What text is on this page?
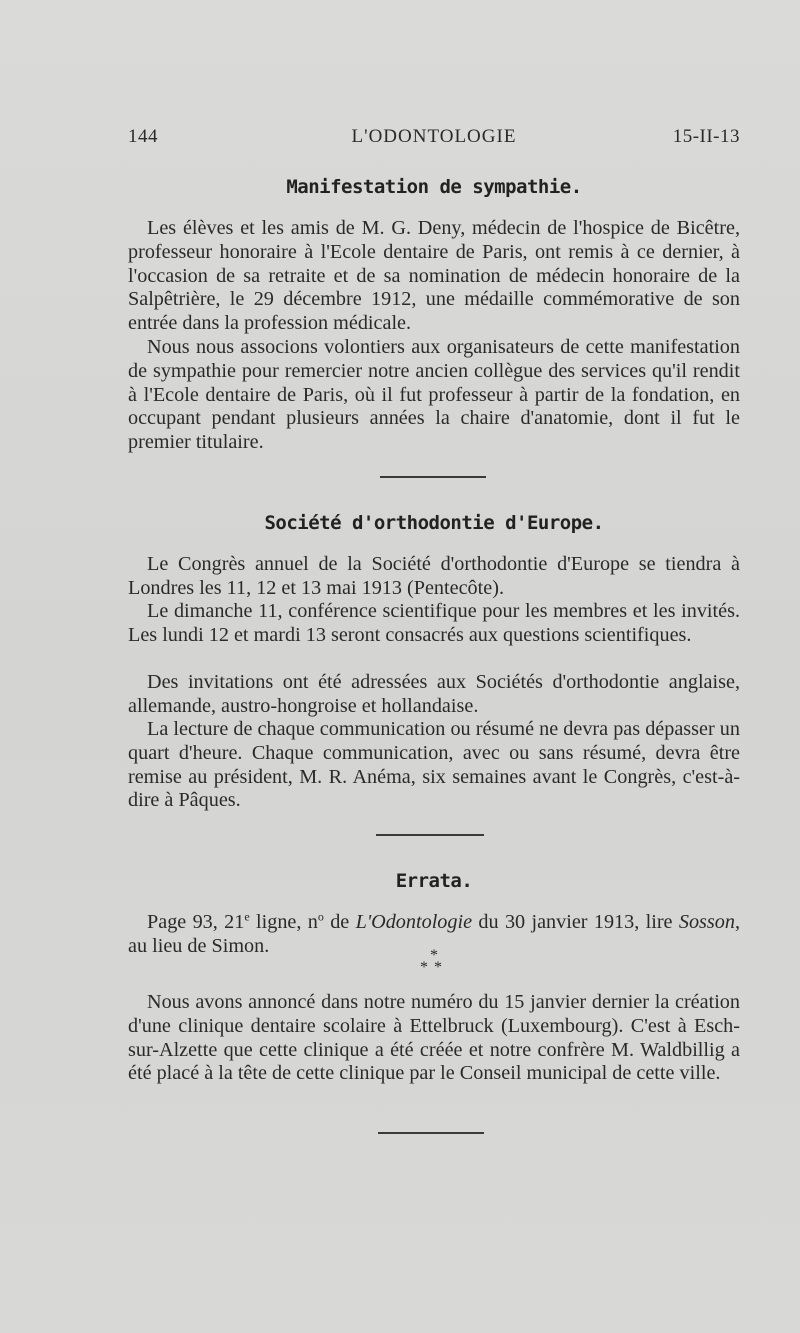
144	L'ODONTOLOGIE	15-II-13
Manifestation de sympathie.

Les élèves et les amis de M. G. Deny, médecin de l'hospice de Bicêtre, professeur honoraire à l'Ecole dentaire de Paris, ont remis à ce dernier, à l'occasion de sa retraite et de sa nomination de médecin honoraire de la Salpêtrière, le 29 décembre 1912, une médaille commémorative de son entrée dans la profession médicale.

Nous nous associons volontiers aux organisateurs de cette manifestation de sympathie pour remercier notre ancien collègue des services qu'il rendit à l'Ecole dentaire de Paris, où il fut professeur à partir de la fondation, en occupant pendant plusieurs années la chaire d'anatomie, dont il fut le premier titulaire.

Société d'orthodontie d'Europe.

Le Congrès annuel de la Société d'orthodontie d'Europe se tiendra à Londres les 11, 12 et 13 mai 1913 (Pentecôte).

Le dimanche 11, conférence scientifique pour les membres et les invités. Les lundi 12 et mardi 13 seront consacrés aux questions scientifiques.

Des invitations ont été adressées aux Sociétés d'orthodontie anglaise, allemande, austro-hongroise et hollandaise.

La lecture de chaque communication ou résumé ne devra pas dépasser un quart d'heure. Chaque communication, avec ou sans résumé, devra être remise au président, M. R. Anéma, six semaines avant le Congrès, c'est-à-dire à Pâques.

Errata.

Page 93, 21e ligne, $n^o$ de L'Odontologie du 30 janvier 1913, lire Sosson, au lieu de Simon.	*
**

Nous avons annoncé dans notre numéro du 15 janvier dernier la création d'une clinique dentaire scolaire à Ettelbruck (Luxembourg). C'est à Esch-sur-Alzette que cette clinique a été créée et notre confrère M. Waldbillig a été placé à la tête de cette clinique par le Conseil municipal de cette ville.
